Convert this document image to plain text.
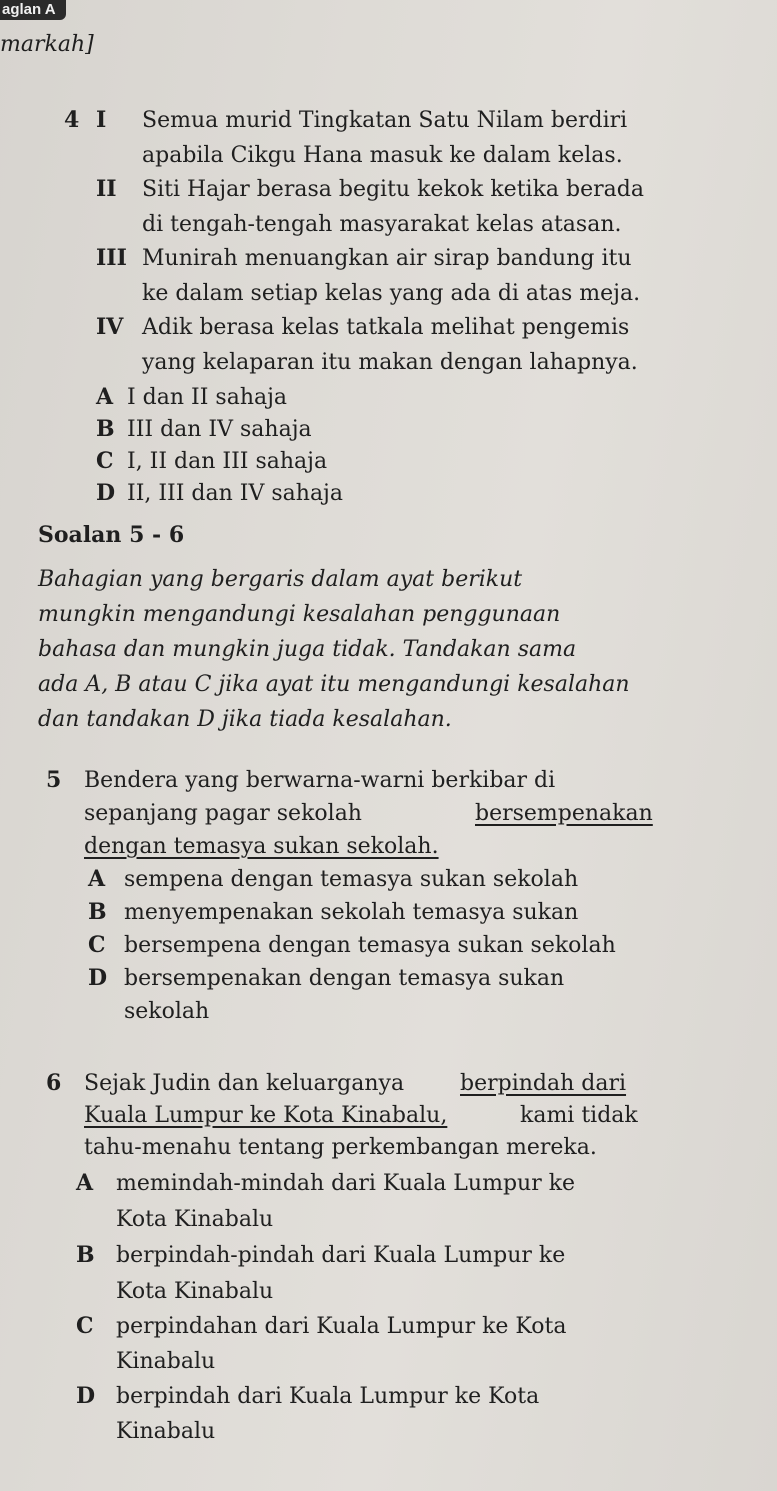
aglan A
markah]
4 I Semua murid Tingkatan Satu Nilam berdiri
apabila Cikgu Hana masuk ke dalam kelas.
II Siti Hajar berasa begitu kekok ketika berada
di tengah-tengah masyarakat kelas atasan.
III Munirah menuangkan air sirap bandung itu
ke dalam setiap kelas yang ada di atas meja.
IV Adik berasa kelas tatkala melihat pengemis
yang kelaparan itu makan dengan lahapnya.
A I dan II sahaja
B III dan IV sahaja
C I, II dan III sahaja
D II, III dan IV sahaja
Soalan 5 - 6
Bahagian yang bergaris dalam ayat berikut
mungkin mengandungi kesalahan penggunaan
bahasa dan mungkin juga tidak. Tandakan sama
ada A, B atau C jika ayat itu mengandungi kesalahan
dan tandakan D jika tiada kesalahan.
5 Bendera yang berwarna-warni berkibar di
sepanjang pagar sekolah	bersempenakan
dengan temasya sukan sekolah.
A sempena dengan temasya sukan sekolah
B menyempenakan sekolah temasya sukan
C bersempena dengan temasya sukan sekolah
D bersempenakan dengan temasya sukan
sekolah
6 Sejak Judin dan keluarganya	berpindah dari
Kuala Lumpur ke Kota Kinabalu,	kami tidak
tahu-menahu tentang perkembangan mereka.
A memindah-mindah dari Kuala Lumpur ke
Kota Kinabalu
B berpindah-pindah dari Kuala Lumpur ke
Kota Kinabalu
C perpindahan dari Kuala Lumpur ke Kota
Kinabalu
D berpindah dari Kuala Lumpur ke Kota
Kinabalu
